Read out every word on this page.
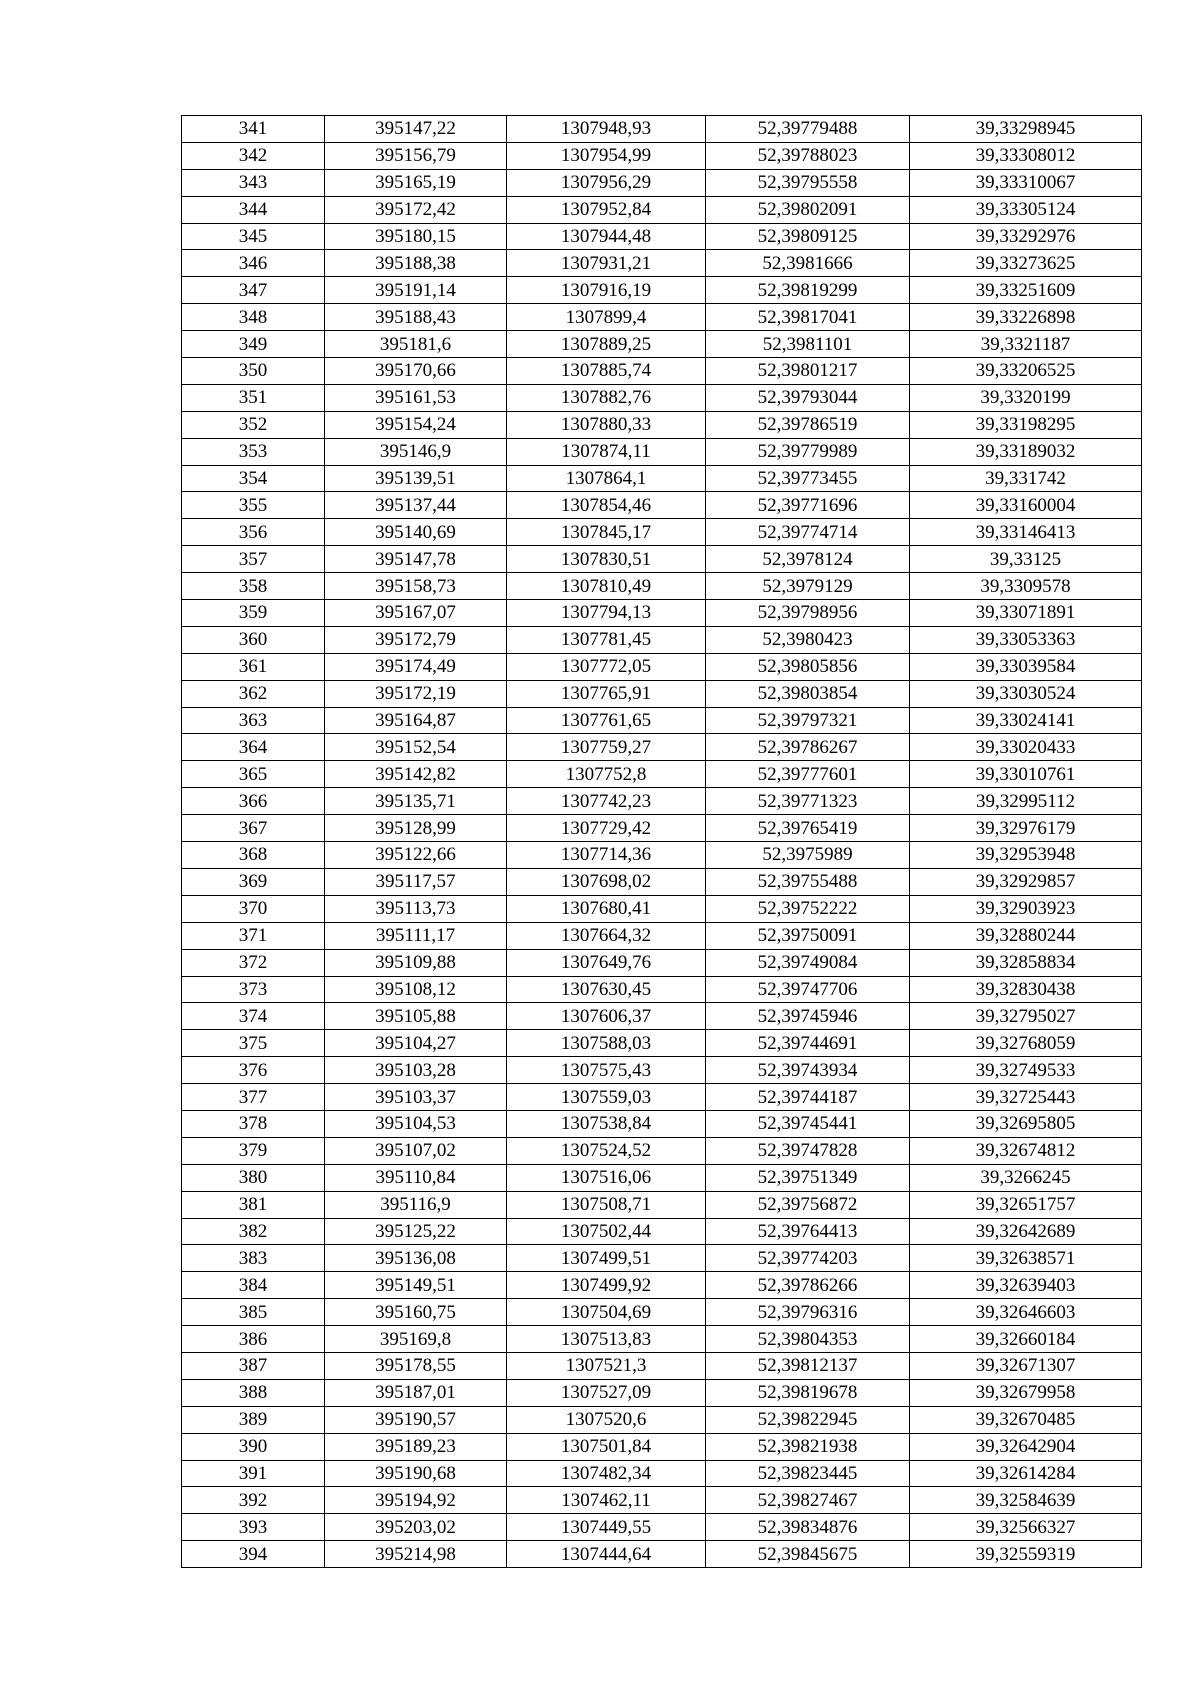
341	395147,22	1307948,93	52,39779488	39,33298945
342	395156,79	1307954,99	52,39788023	39,33308012
343	395165,19	1307956,29	52,39795558	39,33310067
344	395172,42	1307952,84	52,39802091	39,33305124
345	395180,15	1307944,48	52,39809125	39,33292976
346	395188,38	1307931,21	52,3981666	39,33273625
347	395191,14	1307916,19	52,39819299	39,33251609
348	395188,43	1307899,4	52,39817041	39,33226898
349	395181,6	1307889,25	52,3981101	39,3321187
350	395170,66	1307885,74	52,39801217	39,33206525
351	395161,53	1307882,76	52,39793044	39,3320199
352	395154,24	1307880,33	52,39786519	39,33198295
353	395146,9	1307874,11	52,39779989	39,33189032
354	395139,51	1307864,1	52,39773455	39,331742
355	395137,44	1307854,46	52,39771696	39,33160004
356	395140,69	1307845,17	52,39774714	39,33146413
357	395147,78	1307830,51	52,3978124	39,33125
358	395158,73	1307810,49	52,3979129	39,3309578
359	395167,07	1307794,13	52,39798956	39,33071891
360	395172,79	1307781,45	52,3980423	39,33053363
361	395174,49	1307772,05	52,39805856	39,33039584
362	395172,19	1307765,91	52,39803854	39,33030524
363	395164,87	1307761,65	52,39797321	39,33024141
364	395152,54	1307759,27	52,39786267	39,33020433
365	395142,82	1307752,8	52,39777601	39,33010761
366	395135,71	1307742,23	52,39771323	39,32995112
367	395128,99	1307729,42	52,39765419	39,32976179
368	395122,66	1307714,36	52,3975989	39,32953948
369	395117,57	1307698,02	52,39755488	39,32929857
370	395113,73	1307680,41	52,39752222	39,32903923
371	395111,17	1307664,32	52,39750091	39,32880244
372	395109,88	1307649,76	52,39749084	39,32858834
373	395108,12	1307630,45	52,39747706	39,32830438
374	395105,88	1307606,37	52,39745946	39,32795027
375	395104,27	1307588,03	52,39744691	39,32768059
376	395103,28	1307575,43	52,39743934	39,32749533
377	395103,37	1307559,03	52,39744187	39,32725443
378	395104,53	1307538,84	52,39745441	39,32695805
379	395107,02	1307524,52	52,39747828	39,32674812
380	395110,84	1307516,06	52,39751349	39,3266245
381	395116,9	1307508,71	52,39756872	39,32651757
382	395125,22	1307502,44	52,39764413	39,32642689
383	395136,08	1307499,51	52,39774203	39,32638571
384	395149,51	1307499,92	52,39786266	39,32639403
385	395160,75	1307504,69	52,39796316	39,32646603
386	395169,8	1307513,83	52,39804353	39,32660184
387	395178,55	1307521,3	52,39812137	39,32671307
388	395187,01	1307527,09	52,39819678	39,32679958
389	395190,57	1307520,6	52,39822945	39,32670485
390	395189,23	1307501,84	52,39821938	39,32642904
391	395190,68	1307482,34	52,39823445	39,32614284
392	395194,92	1307462,11	52,39827467	39,32584639
393	395203,02	1307449,55	52,39834876	39,32566327
394	395214,98	1307444,64	52,39845675	39,32559319
